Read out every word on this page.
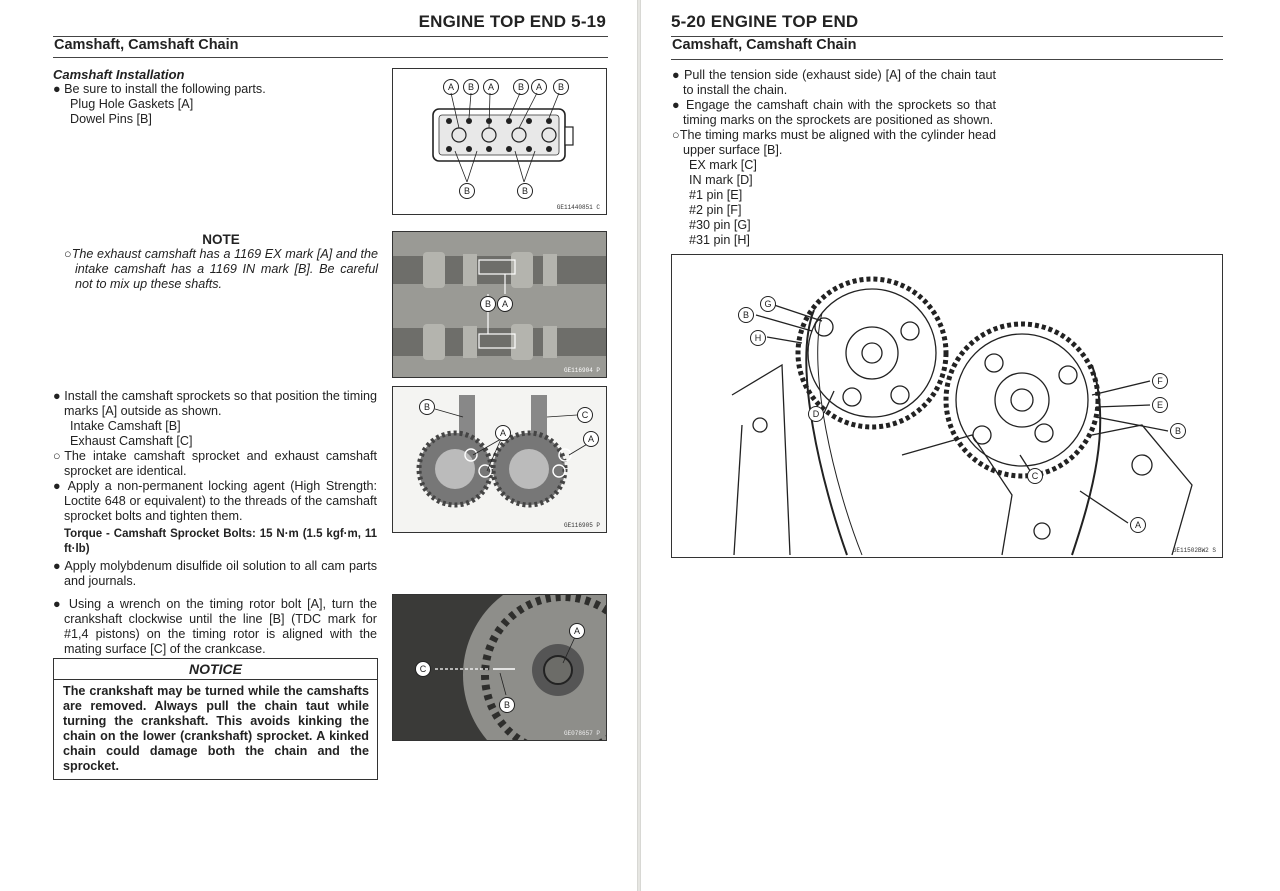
ENGINE TOP END 5-19
Camshaft, Camshaft Chain

Camshaft Installation

● Be sure to install the following parts.

Plug Hole Gaskets [A]

Dowel Pins [B]

NOTE

○The exhaust camshaft has a 1169 EX mark [A] and the intake camshaft has a 1169 IN mark [B]. Be careful not to mix up these shafts.

● Install the camshaft sprockets so that position the timing marks [A] outside as shown.

Intake Camshaft [B]

Exhaust Camshaft [C]

○The intake camshaft sprocket and exhaust camshaft sprocket are identical.

● Apply a non-permanent locking agent (High Strength: Loctite 648 or equivalent) to the threads of the camshaft sprocket bolts and tighten them.

Torque - Camshaft Sprocket Bolts: 15 N·m (1.5 kgf·m, 11 ft·lb)

● Apply molybdenum disulfide oil solution to all cam parts and journals.

● Using a wrench on the timing rotor bolt [A], turn the crankshaft clockwise until the line [B] (TDC mark for #1,4 pistons) on the timing rotor is aligned with the mating surface [C] of the crankcase.

NOTICE
The crankshaft may be turned while the camshafts are removed. Always pull the chain taut while turning the crankshaft. This avoids kinking the chain on the lower (crankshaft) sprocket. A kinked chain could damage both the chain and the sprocket.
A	B	A	B	A	B
B	B
GE11440851 C
B	A
GE116904 P
B
C
A
A
GE116905 P
A
C
B
GE078657 P
5-20 ENGINE TOP END
Camshaft, Camshaft Chain

● Pull the tension side (exhaust side) [A] of the chain taut to install the chain.

● Engage the camshaft chain with the sprockets so that timing marks on the sprockets are positioned as shown.

○The timing marks must be aligned with the cylinder head upper surface [B].

EX mark [C]

IN mark [D]

#1 pin [E]

#2 pin [F]

#30 pin [G]

#31 pin [H]

B
G
H
D
F
E
B
C
A
GE11502BW2 S
